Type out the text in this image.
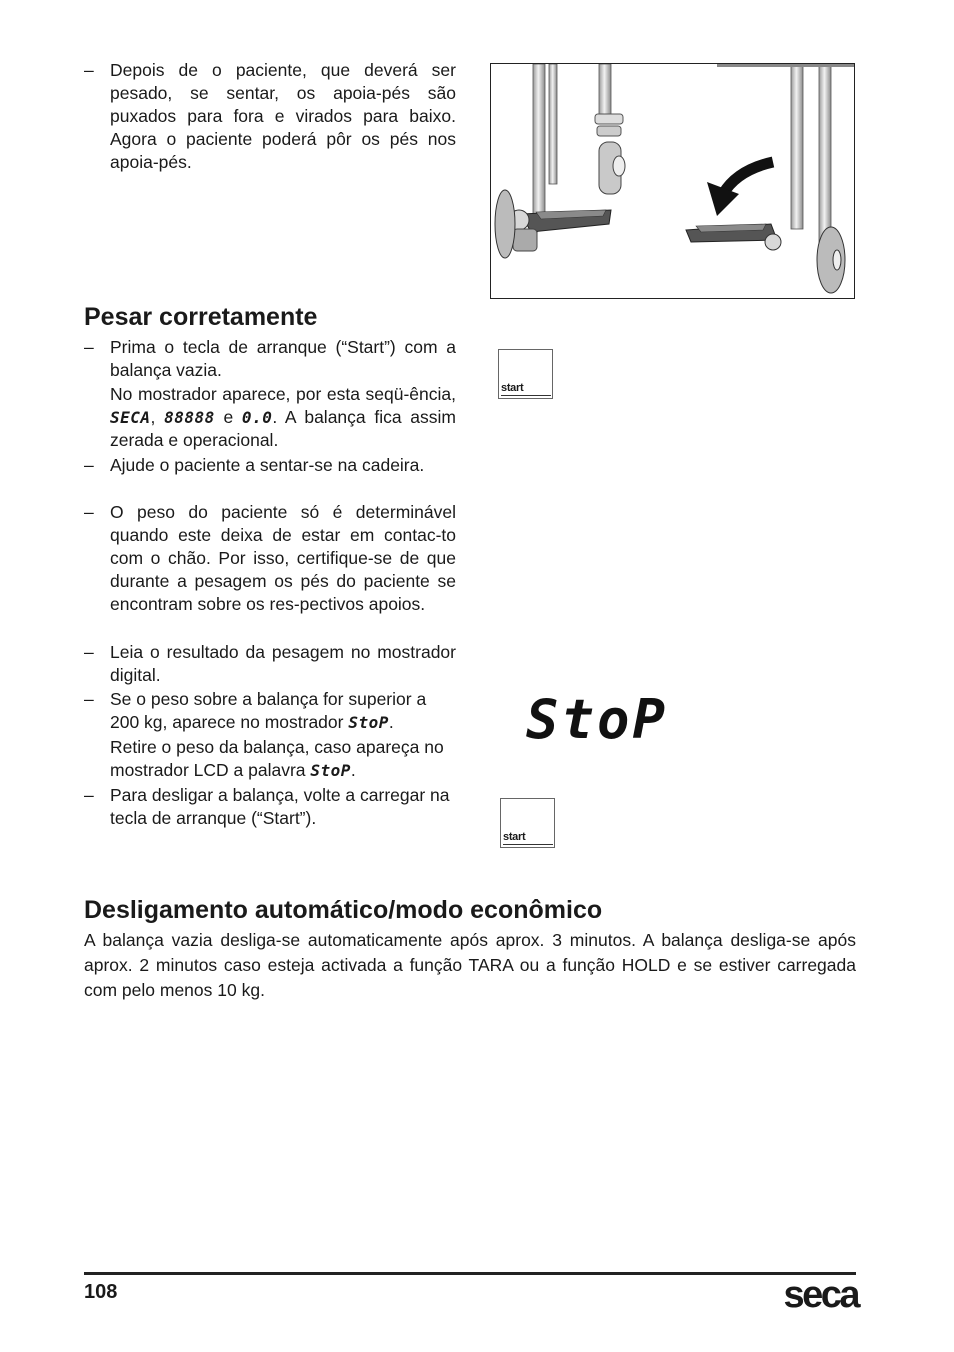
– Depois de o paciente, que deverá ser pesado, se sentar, os apoia-pés são puxados para fora e virados para baixo. Agora o paciente poderá pôr os pés nos apoia-pés.
Pesar corretamente
– Prima o tecla de arranque (“Start”) com a balança vazia.
No mostrador aparece, por esta seqü-ência, SECA, 88888 e 0.0. A balança fica assim zerada e operacional.
– Ajude o paciente a sentar-se na cadeira.
– O peso do paciente só é determinável quando este deixa de estar em contac-to com o chão. Por isso, certifique-se de que durante a pesagem os pés do paciente se encontram sobre os res-pectivos apoios.
– Leia o resultado da pesagem no mostrador digital.
– Se o peso sobre a balança for superior a 200 kg, aparece no mostrador StoP.
Retire o peso da balança, caso apareça no mostrador LCD a palavra StoP.
– Para desligar a balança, volte a carregar na tecla de arranque (“Start”).
start
start
StoP
Desligamento automático/modo econômico
A balança vazia desliga-se automaticamente após aprox. 3 minutos. A balança desliga-se após aprox. 2 minutos caso esteja activada a função TARA ou a função HOLD e se estiver carregada com pelo menos 10 kg.
108	seca
